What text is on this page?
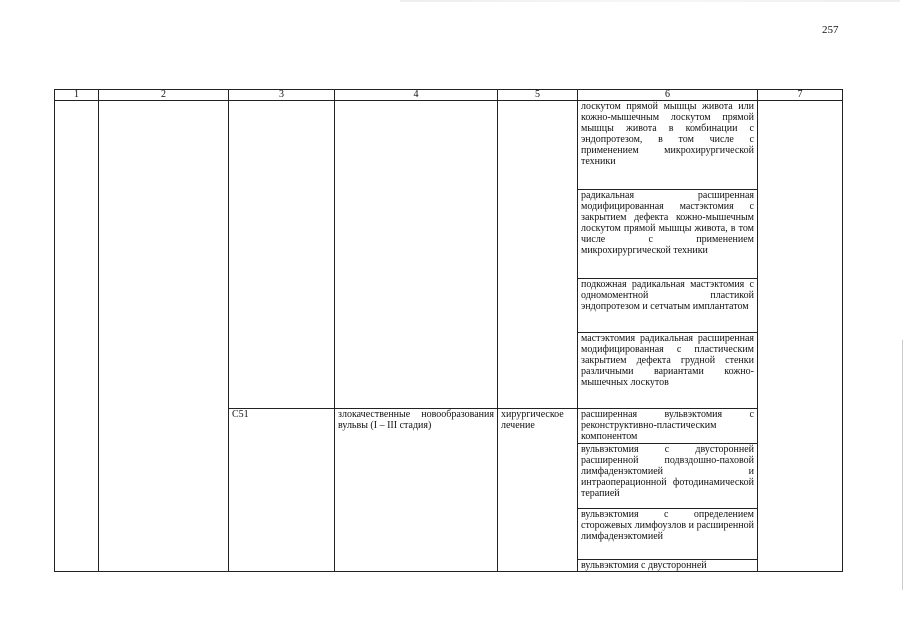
257
1	2	3	4	5	6	7
					лоскутом прямой мышцы живота или кожно-мышечным лоскутом прямой мышцы живота в комбинации с эндопротезом, в том числе с применением микрохирургической техники	
					радикальная расширенная модифицированная мастэктомия с закрытием дефекта кожно-мышечным лоскутом прямой мышцы живота, в том числе с применением микрохирургической техники	
					подкожная радикальная мастэктомия с одномоментной пластикой эндопротезом и сетчатым имплантатом	
					мастэктомия радикальная расширенная модифицированная с пластическим закрытием дефекта грудной стенки различными вариантами кожно-мышечных лоскутов	
		C51	злокачественные новообразования вульвы (I – III стадия)	хирургическое лечение	расширенная вульвэктомия с реконструктивно-пластическим компонентом	
					вульвэктомия с двусторонней расширенной подвздошно-паховой лимфаденэктомией и интраоперационной фотодинамической терапией	
					вульвэктомия с определением сторожевых лимфоузлов и расширенной лимфаденэктомией	
					вульвэктомия с двусторонней	
